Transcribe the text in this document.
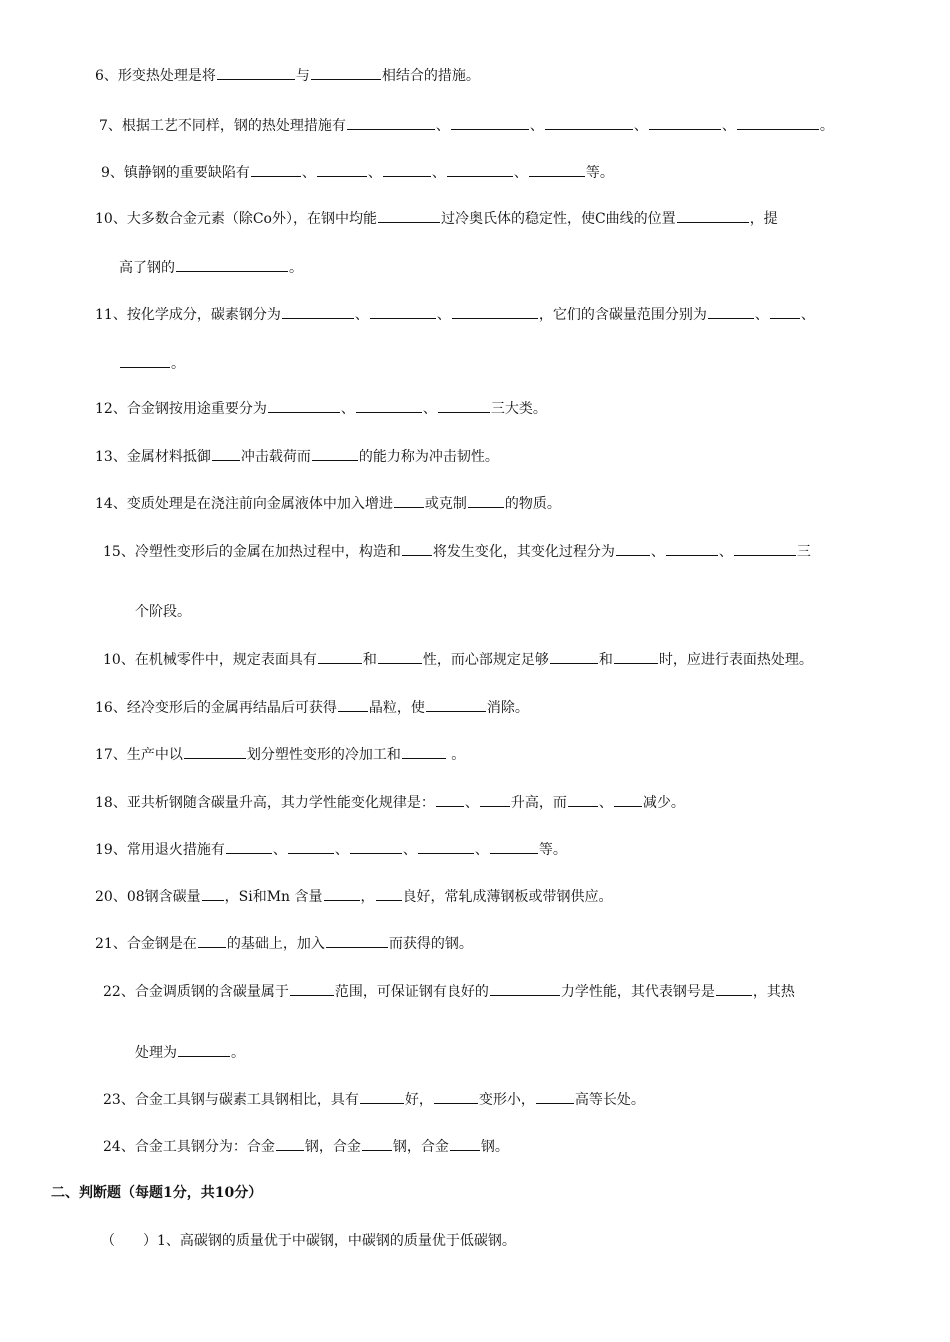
6、形变热处理是将	与	相结合的措施。
7、根据工艺不同样，钢的热处理措施有	、	、	、	、	。
9、镇静钢的重要缺陷有	、	、	、	、	等。
10、大多数合金元素（除Co外），在钢中均能	过冷奥氏体的稳定性，使C曲线的位置	，提
高了钢的	。
11、按化学成分，碳素钢分为	、	、	，它们的含碳量范围分别为	、 、
。
12、合金钢按用途重要分为	、	、	三大类。
13、金属材料抵御 冲击载荷而	的能力称为冲击韧性。
14、变质处理是在浇注前向金属液体中加入增进 或克制	的物质。
15、冷塑性变形后的金属在加热过程中，构造和 将发生变化，其变化过程分为	、	、	三
个阶段。
10、在机械零件中，规定表面具有	和	性，而心部规定足够	和	时，应进行表面热处理。
16、经冷变形后的金属再结晶后可获得 晶粒，使	消除。
17、生产中以	划分塑性变形的冷加工和	。
18、亚共析钢随含碳量升高，其力学性能变化规律是： 、 升高，而 、 减少。
19、常用退火措施有	、	、	、	、	等。
20、08钢含碳量 ，Si和Mn 含量	， 良好，常轧成薄钢板或带钢供应。
21、合金钢是在 的基础上，加入	而获得的钢。
22、合金调质钢的含碳量属于	范围，可保证钢有良好的	力学性能，其代表钢号是	，其热
处理为	。
23、合金工具钢与碳素工具钢相比，具有	好，	变形小，	高等长处。
24、合金工具钢分为：合金 钢，合金 钢，合金 钢。
二、判断题（每题1分，共10分）
（　　）1、高碳钢的质量优于中碳钢，中碳钢的质量优于低碳钢。
